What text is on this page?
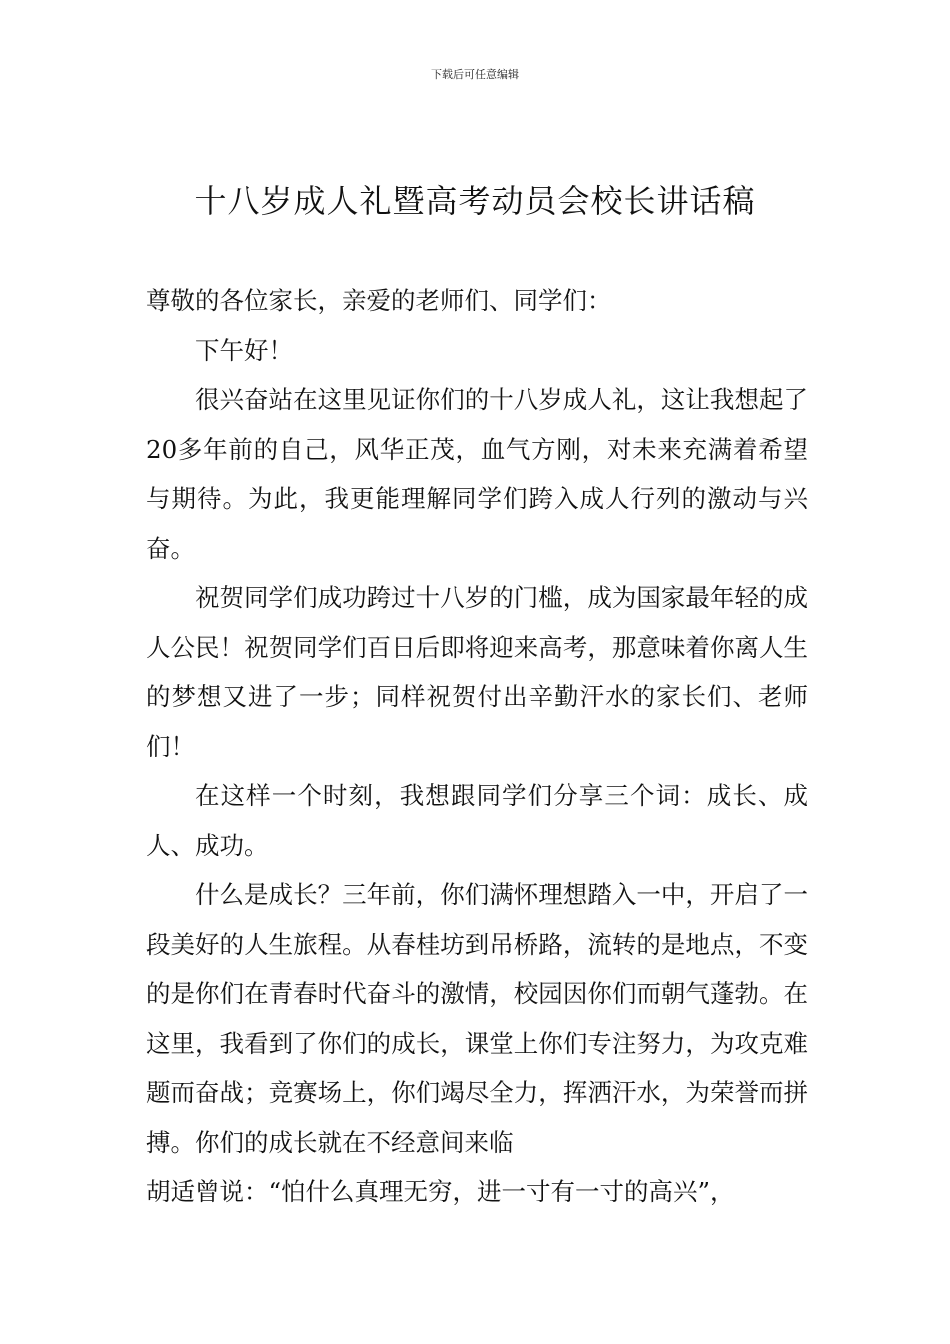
下载后可任意编辑
十八岁成人礼暨高考动员会校长讲话稿

尊敬的各位家长，亲爱的老师们、同学们：

下午好！

很兴奋站在这里见证你们的十八岁成人礼，这让我想起了20多年前的自己，风华正茂，血气方刚，对未来充满着希望与期待。为此，我更能理解同学们跨入成人行列的激动与兴奋。

祝贺同学们成功跨过十八岁的门槛，成为国家最年轻的成人公民！祝贺同学们百日后即将迎来高考，那意味着你离人生的梦想又进了一步；同样祝贺付出辛勤汗水的家长们、老师们！

在这样一个时刻，我想跟同学们分享三个词：成长、成人、成功。

什么是成长？三年前，你们满怀理想踏入一中，开启了一段美好的人生旅程。从春桂坊到吊桥路，流转的是地点，不变的是你们在青春时代奋斗的激情，校园因你们而朝气蓬勃。在这里，我看到了你们的成长，课堂上你们专注努力，为攻克难题而奋战；竞赛场上，你们竭尽全力，挥洒汗水，为荣誉而拼搏。你们的成长就在不经意间来临

胡适曾说：“怕什么真理无穷，进一寸有一寸的高兴”，
